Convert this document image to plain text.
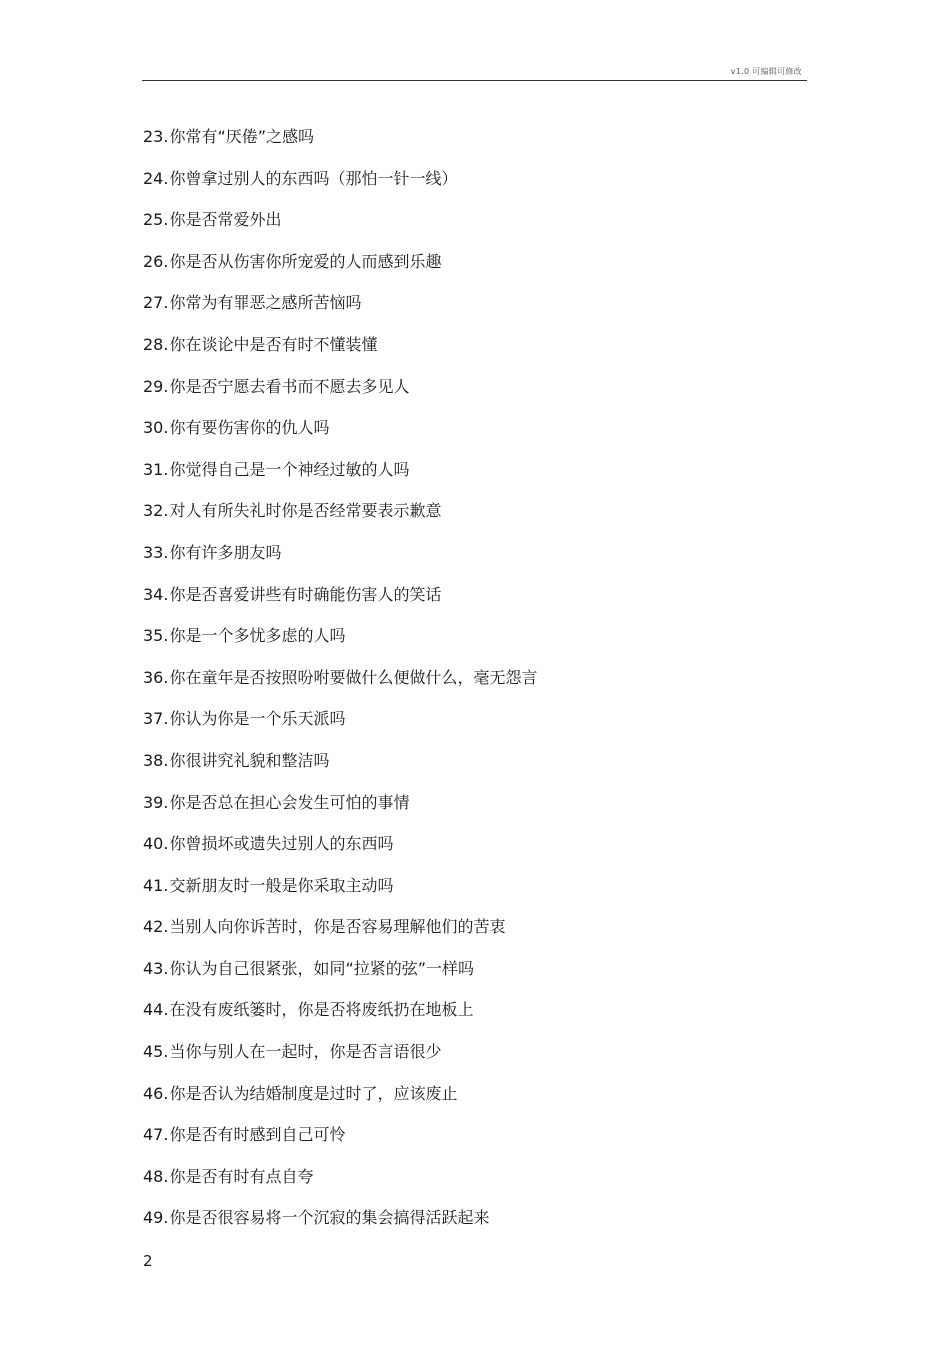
v1.0 可编辑可修改
23. 你常有“厌倦”之感吗
24. 你曾拿过别人的东西吗（那怕一针一线）
25. 你是否常爱外出
26. 你是否从伤害你所宠爱的人而感到乐趣
27. 你常为有罪恶之感所苦恼吗
28. 你在谈论中是否有时不懂装懂
29. 你是否宁愿去看书而不愿去多见人
30. 你有要伤害你的仇人吗
31. 你觉得自己是一个神经过敏的人吗
32. 对人有所失礼时你是否经常要表示歉意
33. 你有许多朋友吗
34. 你是否喜爱讲些有时确能伤害人的笑话
35. 你是一个多忧多虑的人吗
36. 你在童年是否按照吩咐要做什么便做什么，毫无怨言
37. 你认为你是一个乐天派吗
38. 你很讲究礼貌和整洁吗
39. 你是否总在担心会发生可怕的事情
40. 你曾损坏或遗失过别人的东西吗
41. 交新朋友时一般是你采取主动吗
42. 当别人向你诉苦时，你是否容易理解他们的苦衷
43. 你认为自己很紧张，如同“拉紧的弦”一样吗
44. 在没有废纸篓时，你是否将废纸扔在地板上
45. 当你与别人在一起时，你是否言语很少
46. 你是否认为结婚制度是过时了，应该废止
47. 你是否有时感到自己可怜
48. 你是否有时有点自夸
49. 你是否很容易将一个沉寂的集会搞得活跃起来
2
